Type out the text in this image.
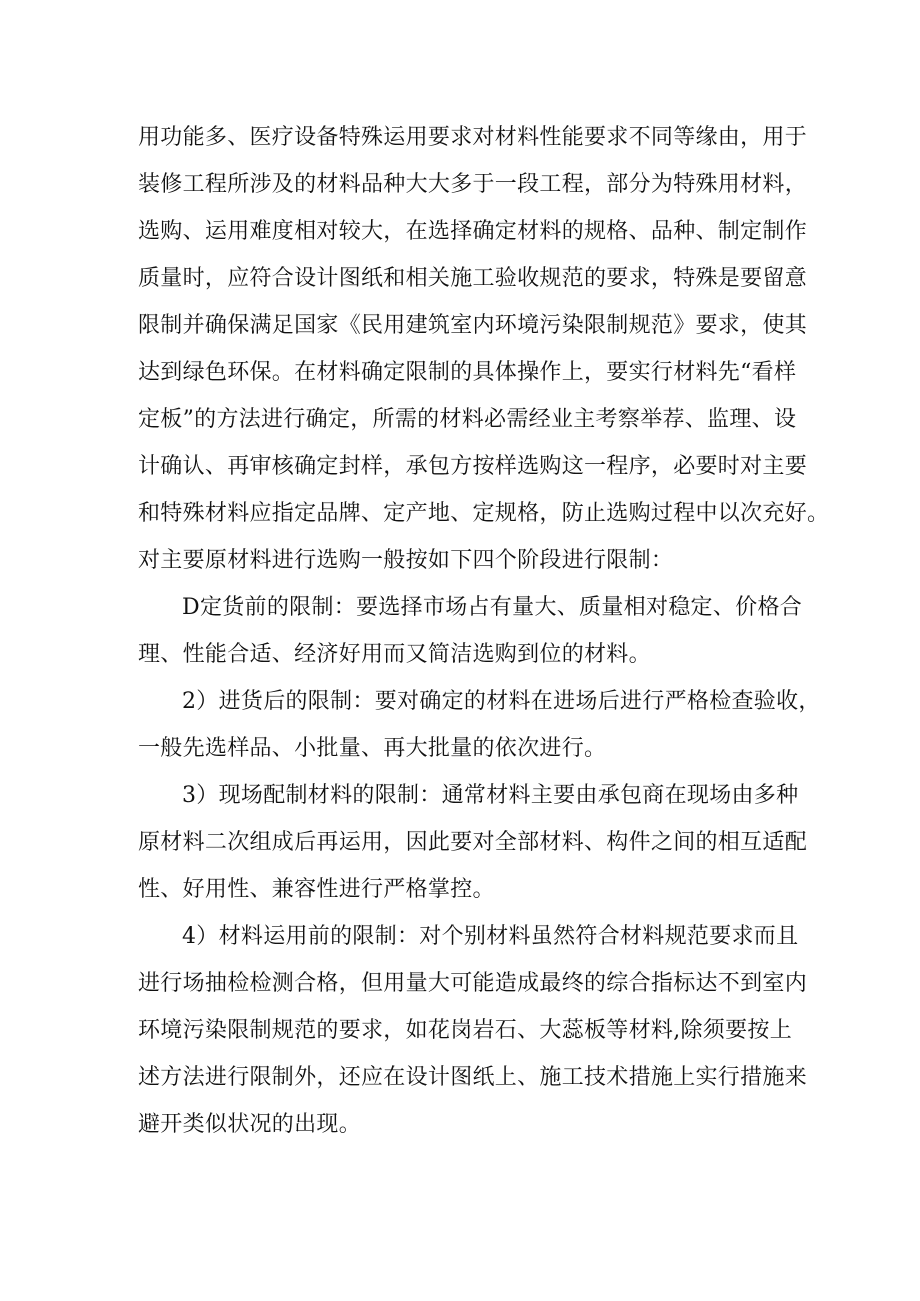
用功能多、医疗设备特殊运用要求对材料性能要求不同等缘由，用于
装修工程所涉及的材料品种大大多于一段工程，部分为特殊用材料，
选购、运用难度相对较大，在选择确定材料的规格、品种、制定制作
质量时，应符合设计图纸和相关施工验收规范的要求，特殊是要留意
限制并确保满足国家《民用建筑室内环境污染限制规范》要求，使其
达到绿色环保。在材料确定限制的具体操作上，要实行材料先“看样
定板”的方法进行确定，所需的材料必需经业主考察举荐、监理、设
计确认、再审核确定封样，承包方按样选购这一程序，必要时对主要
和特殊材料应指定品牌、定产地、定规格，防止选购过程中以次充好。
对主要原材料进行选购一般按如下四个阶段进行限制：
D定货前的限制：要选择市场占有量大、质量相对稳定、价格合
理、性能合适、经济好用而又简洁选购到位的材料。
2）进货后的限制：要对确定的材料在进场后进行严格检查验收，
一般先选样品、小批量、再大批量的依次进行。
3）现场配制材料的限制：通常材料主要由承包商在现场由多种
原材料二次组成后再运用，因此要对全部材料、构件之间的相互适配
性、好用性、兼容性进行严格掌控。
4）材料运用前的限制：对个别材料虽然符合材料规范要求而且
进行场抽检检测合格，但用量大可能造成最终的综合指标达不到室内
环境污染限制规范的要求，如花岗岩石、大蕊板等材料,除须要按上
述方法进行限制外，还应在设计图纸上、施工技术措施上实行措施来
避开类似状况的出现。
